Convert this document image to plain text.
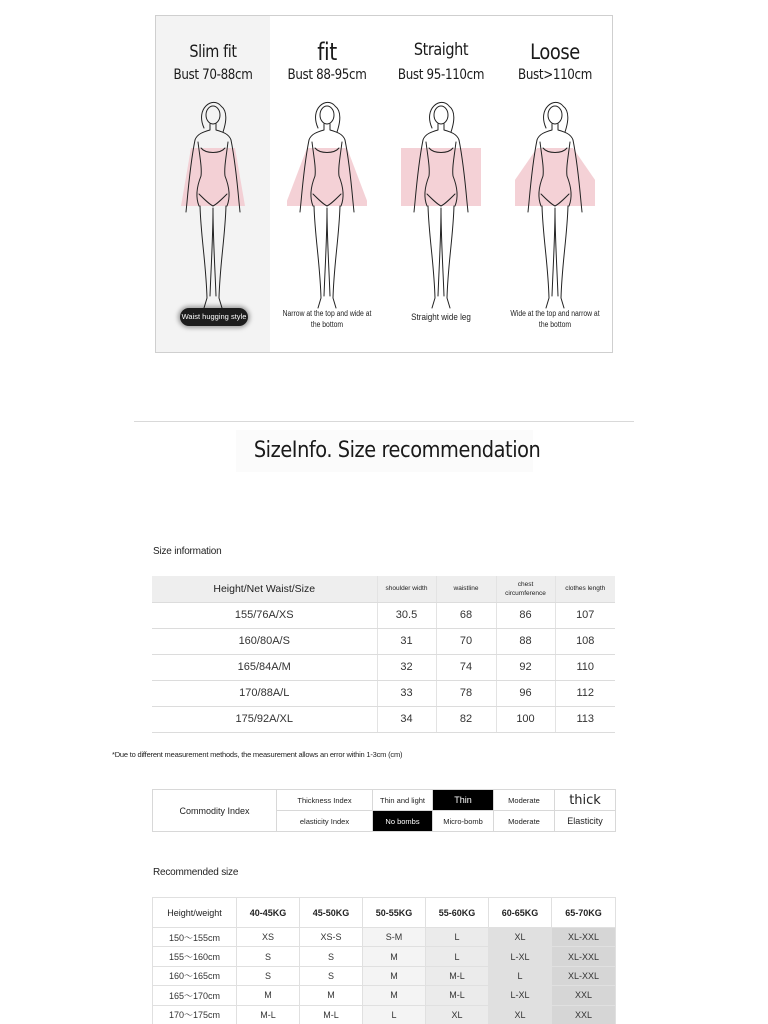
Slim fit
Bust 70-88cm
Waist hugging style
fit
Bust 88-95cm
Narrow at the top and wide at the bottom
Straight
Bust 95-110cm
Straight wide leg
Loose
Bust>110cm
Wide at the top and narrow at the bottom
SizeInfo. Size recommendation
Size information
Height/Net Waist/Size	shoulder width	waistline	chest circumference	clothes length
155/76A/XS	30.5	68	86	107
160/80A/S	31	70	88	108
165/84A/M	32	74	92	110
170/88A/L	33	78	96	112
175/92A/XL	34	82	100	113
*Due to different measurement methods, the measurement allows an error within 1-3cm (cm)
Commodity Index	Thickness Index	Thin and light	Thin	Moderate	thick
	elasticity Index	No bombs	Micro-bomb	Moderate	Elasticity
Recommended size
Height/weight	40-45KG	45-50KG	50-55KG	55-60KG	60-65KG	65-70KG
150～155cm	XS	XS-S	S-M	L	XL	XL-XXL
155～160cm	S	S	M	L	L-XL	XL-XXL
160～165cm	S	S	M	M-L	L	XL-XXL
165～170cm	M	M	M	M-L	L-XL	XXL
170～175cm	M-L	M-L	L	XL	XL	XXL
